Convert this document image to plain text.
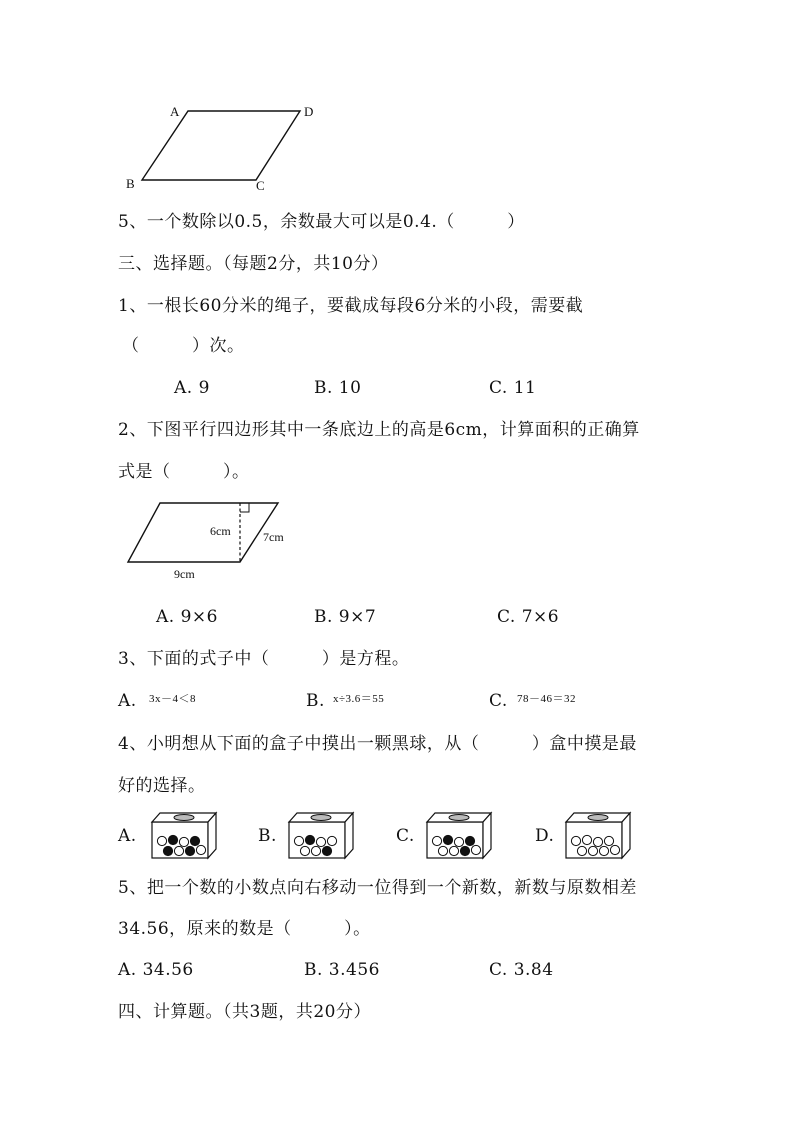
A	D
B	C

5、一个数除以0.5，余数最大可以是0.4.（　　　）

三、选择题。（每题2分，共10分）

1、一根长60分米的绳子，要截成每段6分米的小段，需要截

（　　　）次。

A. 9	B. 10	C. 11

2、下图平行四边形其中一条底边上的高是6cm，计算面积的正确算

式是（　　　）。

6cm	7cm
9cm
A. 9×6	B. 9×7	C. 7×6

3、下面的式子中（　　　）是方程。

A. 3x－4＜8	B. x÷3.6＝55	C. 78－46＝32

4、小明想从下面的盒子中摸出一颗黑球，从（　　　）盒中摸是最

好的选择。

A.	B.	C.	D.

5、把一个数的小数点向右移动一位得到一个新数，新数与原数相差

34.56，原来的数是（　　　）。

A. 34.56	B. 3.456	C. 3.84

四、计算题。（共3题，共20分）
